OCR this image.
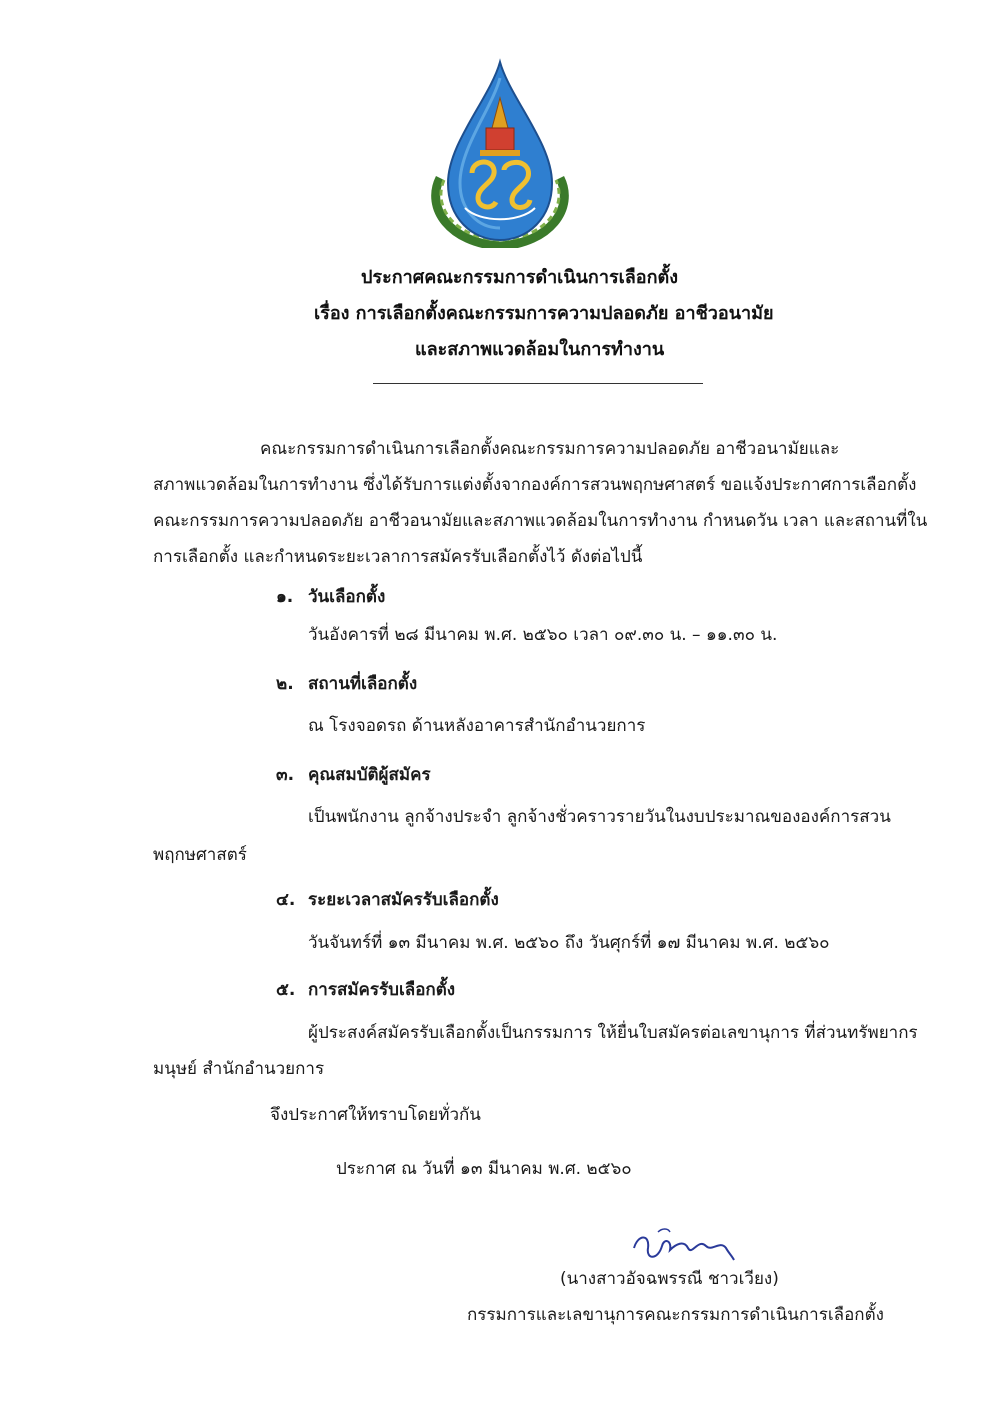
ประกาศคณะกรรมการดำเนินการเลือกตั้ง
เรื่อง การเลือกตั้งคณะกรรมการความปลอดภัย อาชีวอนามัย
และสภาพแวดล้อมในการทำงาน
คณะกรรมการดำเนินการเลือกตั้งคณะกรรมการความปลอดภัย อาชีวอนามัยและ
สภาพแวดล้อมในการทำงาน ซึ่งได้รับการแต่งตั้งจากองค์การสวนพฤกษศาสตร์ ขอแจ้งประกาศการเลือกตั้ง
คณะกรรมการความปลอดภัย อาชีวอนามัยและสภาพแวดล้อมในการทำงาน กำหนดวัน เวลา และสถานที่ใน
การเลือกตั้ง และกำหนดระยะเวลาการสมัครรับเลือกตั้งไว้ ดังต่อไปนี้
๑. วันเลือกตั้ง
วันอังคารที่ ๒๘ มีนาคม พ.ศ. ๒๕๖๐ เวลา ๐๙.๓๐ น. – ๑๑.๓๐ น.
๒. สถานที่เลือกตั้ง
ณ โรงจอดรถ ด้านหลังอาคารสำนักอำนวยการ
๓. คุณสมบัติผู้สมัคร
เป็นพนักงาน ลูกจ้างประจำ ลูกจ้างชั่วคราวรายวันในงบประมาณขององค์การสวน
พฤกษศาสตร์
๔. ระยะเวลาสมัครรับเลือกตั้ง
วันจันทร์ที่ ๑๓ มีนาคม พ.ศ. ๒๕๖๐ ถึง วันศุกร์ที่ ๑๗ มีนาคม พ.ศ. ๒๕๖๐
๕. การสมัครรับเลือกตั้ง
ผู้ประสงค์สมัครรับเลือกตั้งเป็นกรรมการ ให้ยื่นใบสมัครต่อเลขานุการ ที่ส่วนทรัพยากร
มนุษย์ สำนักอำนวยการ
จึงประกาศให้ทราบโดยทั่วกัน
ประกาศ ณ วันที่ ๑๓ มีนาคม พ.ศ. ๒๕๖๐
(นางสาวอัจฉพรรณี ชาวเวียง)
กรรมการและเลขานุการคณะกรรมการดำเนินการเลือกตั้ง
